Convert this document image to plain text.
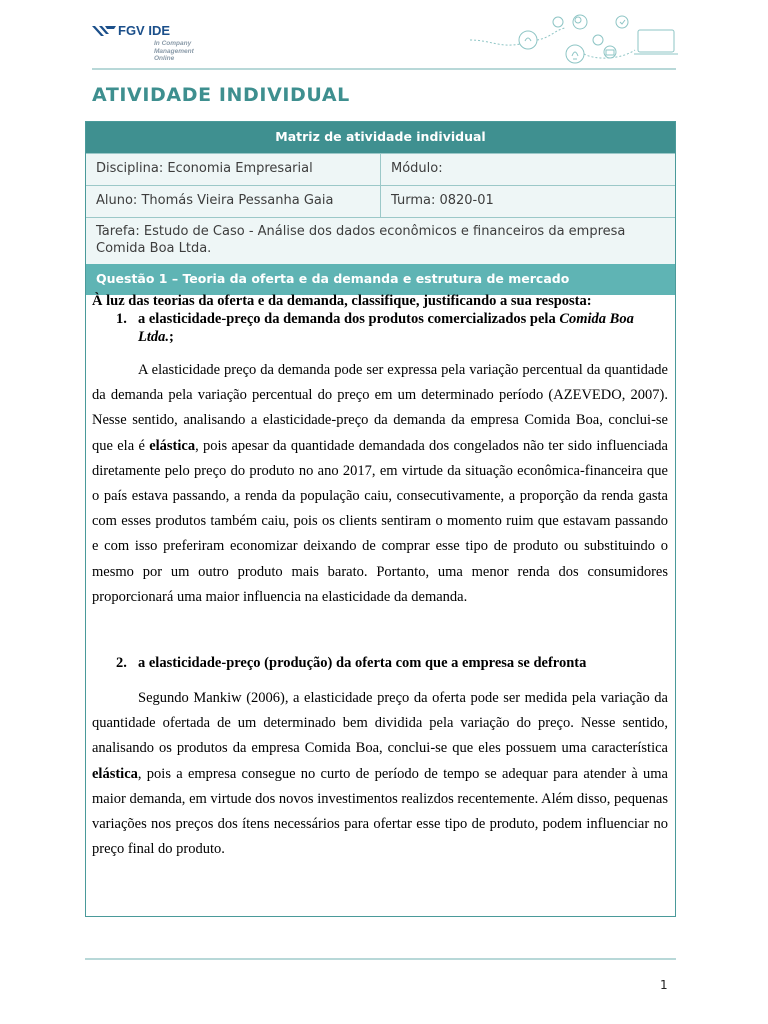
FGV IDE
In Company
Management
Online
ATIVIDADE INDIVIDUAL
Matriz de atividade individual
Disciplina: Economia Empresarial	Módulo:
Aluno: Thomás Vieira Pessanha Gaia	Turma: 0820-01
Tarefa: Estudo de Caso - Análise dos dados econômicos e financeiros da empresa Comida Boa Ltda.
Questão 1 – Teoria da oferta e da demanda e estrutura de mercado
À luz das teorias da oferta e da demanda, classifique, justificando a sua resposta:
1. a elasticidade-preço da demanda dos produtos comercializados pela Comida Boa Ltda.;
A elasticidade preço da demanda pode ser expressa pela variação percentual da quantidade da demanda pela variação percentual do preço em um determinado período (AZEVEDO, 2007). Nesse sentido, analisando a elasticidade-preço da demanda da empresa Comida Boa, conclui-se que ela é elástica, pois apesar da quantidade demandada dos congelados não ter sido influenciada diretamente pelo preço do produto no ano 2017, em virtude da situação econômica-financeira que o país estava passando, a renda da população caiu, consecutivamente, a proporção da renda gasta com esses produtos também caiu, pois os clients sentiram o momento ruim que estavam passando e com isso preferiram economizar deixando de comprar esse tipo de produto ou substituindo o mesmo por um outro produto mais barato. Portanto, uma menor renda dos consumidores proporcionará uma maior influencia na elasticidade da demanda.
2. a elasticidade-preço (produção) da oferta com que a empresa se defronta
Segundo Mankiw (2006), a elasticidade preço da oferta pode ser medida pela variação da quantidade ofertada de um determinado bem dividida pela variação do preço. Nesse sentido, analisando os produtos da empresa Comida Boa, conclui-se que eles possuem uma característica elástica, pois a empresa consegue no curto de período de tempo se adequar para atender à uma maior demanda, em virtude dos novos investimentos realizdos recentemente. Além disso, pequenas variações nos preços dos ítens necessários para ofertar esse tipo de produto, podem influenciar no preço final do produto.
1
